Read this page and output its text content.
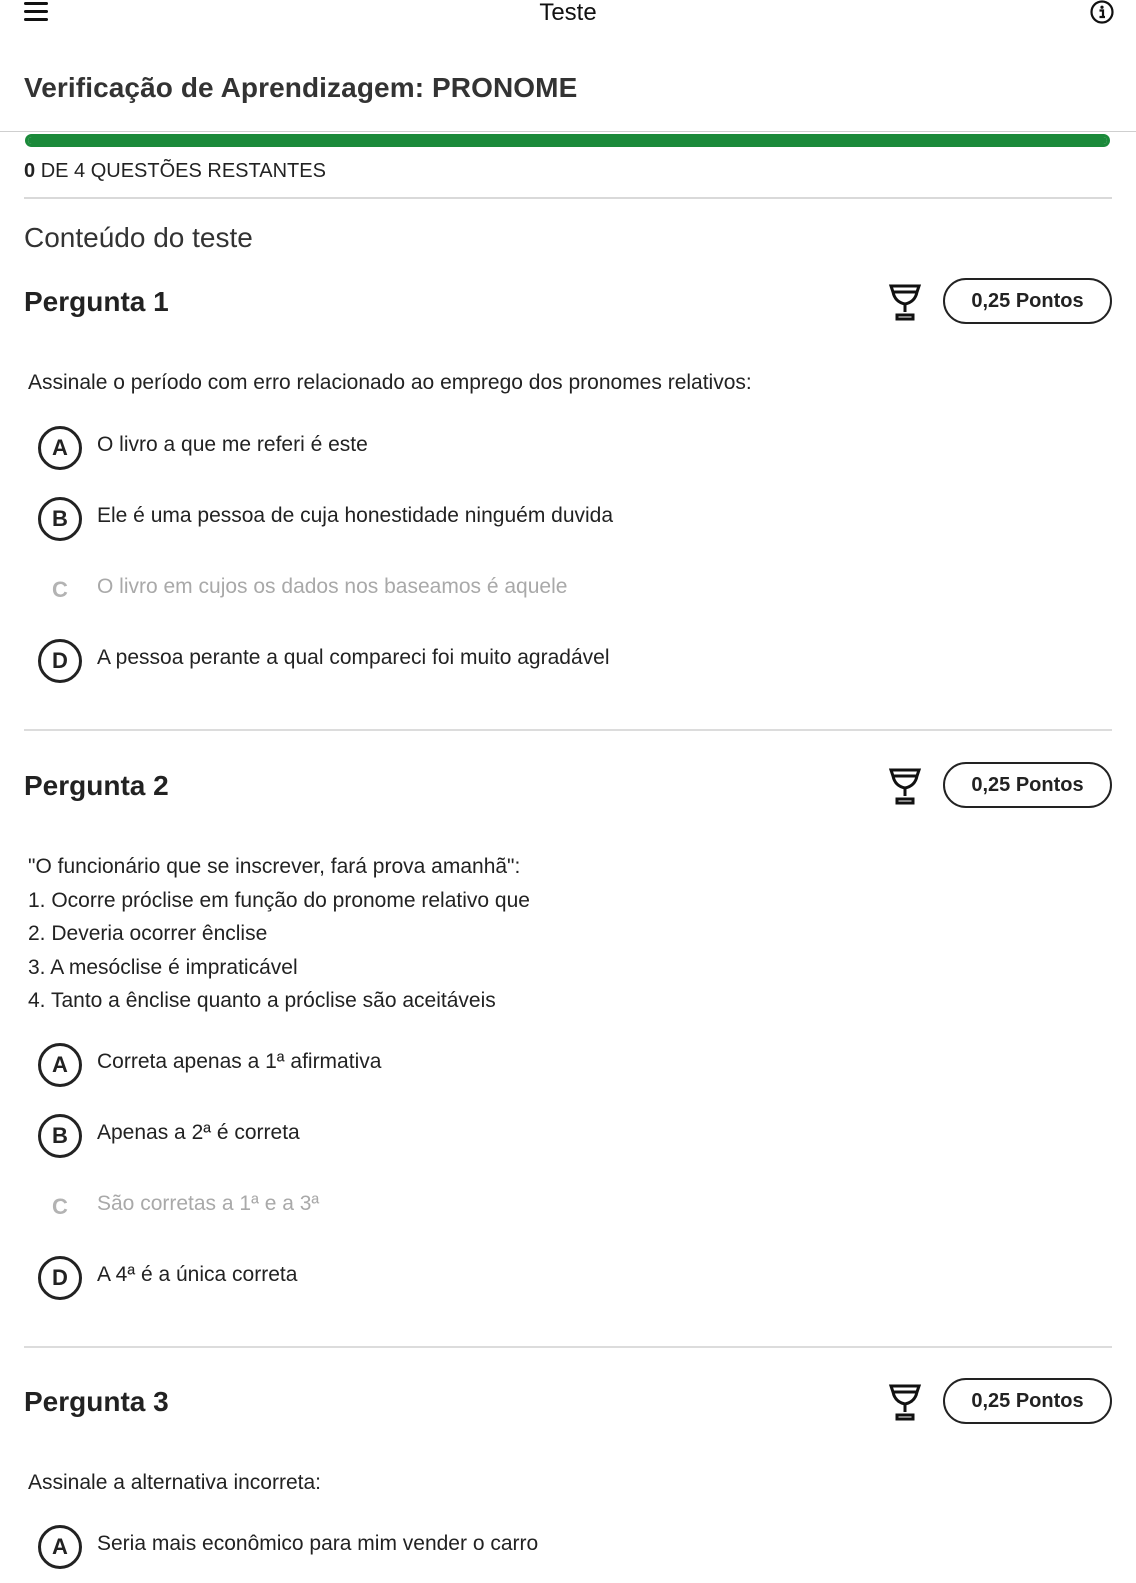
Teste
Verificação de Aprendizagem: PRONOME
0 DE 4 QUESTÕES RESTANTES
Conteúdo do teste
Pergunta 1	0,25 Pontos
Assinale o período com erro relacionado ao emprego dos pronomes relativos:
A	O livro a que me referi é este
B	Ele é uma pessoa de cuja honestidade ninguém duvida
C	O livro em cujos os dados nos baseamos é aquele
D	A pessoa perante a qual compareci foi muito agradável
Pergunta 2	0,25 Pontos
"O funcionário que se inscrever, fará prova amanhã":
1. Ocorre próclise em função do pronome relativo que
2. Deveria ocorrer ênclise
3. A mesóclise é impraticável
4. Tanto a ênclise quanto a próclise são aceitáveis
A	Correta apenas a 1ª afirmativa
B	Apenas a 2ª é correta
C	São corretas a 1ª e a 3ª
D	A 4ª é a única correta
Pergunta 3	0,25 Pontos
Assinale a alternativa incorreta:
A	Seria mais econômico para mim vender o carro
